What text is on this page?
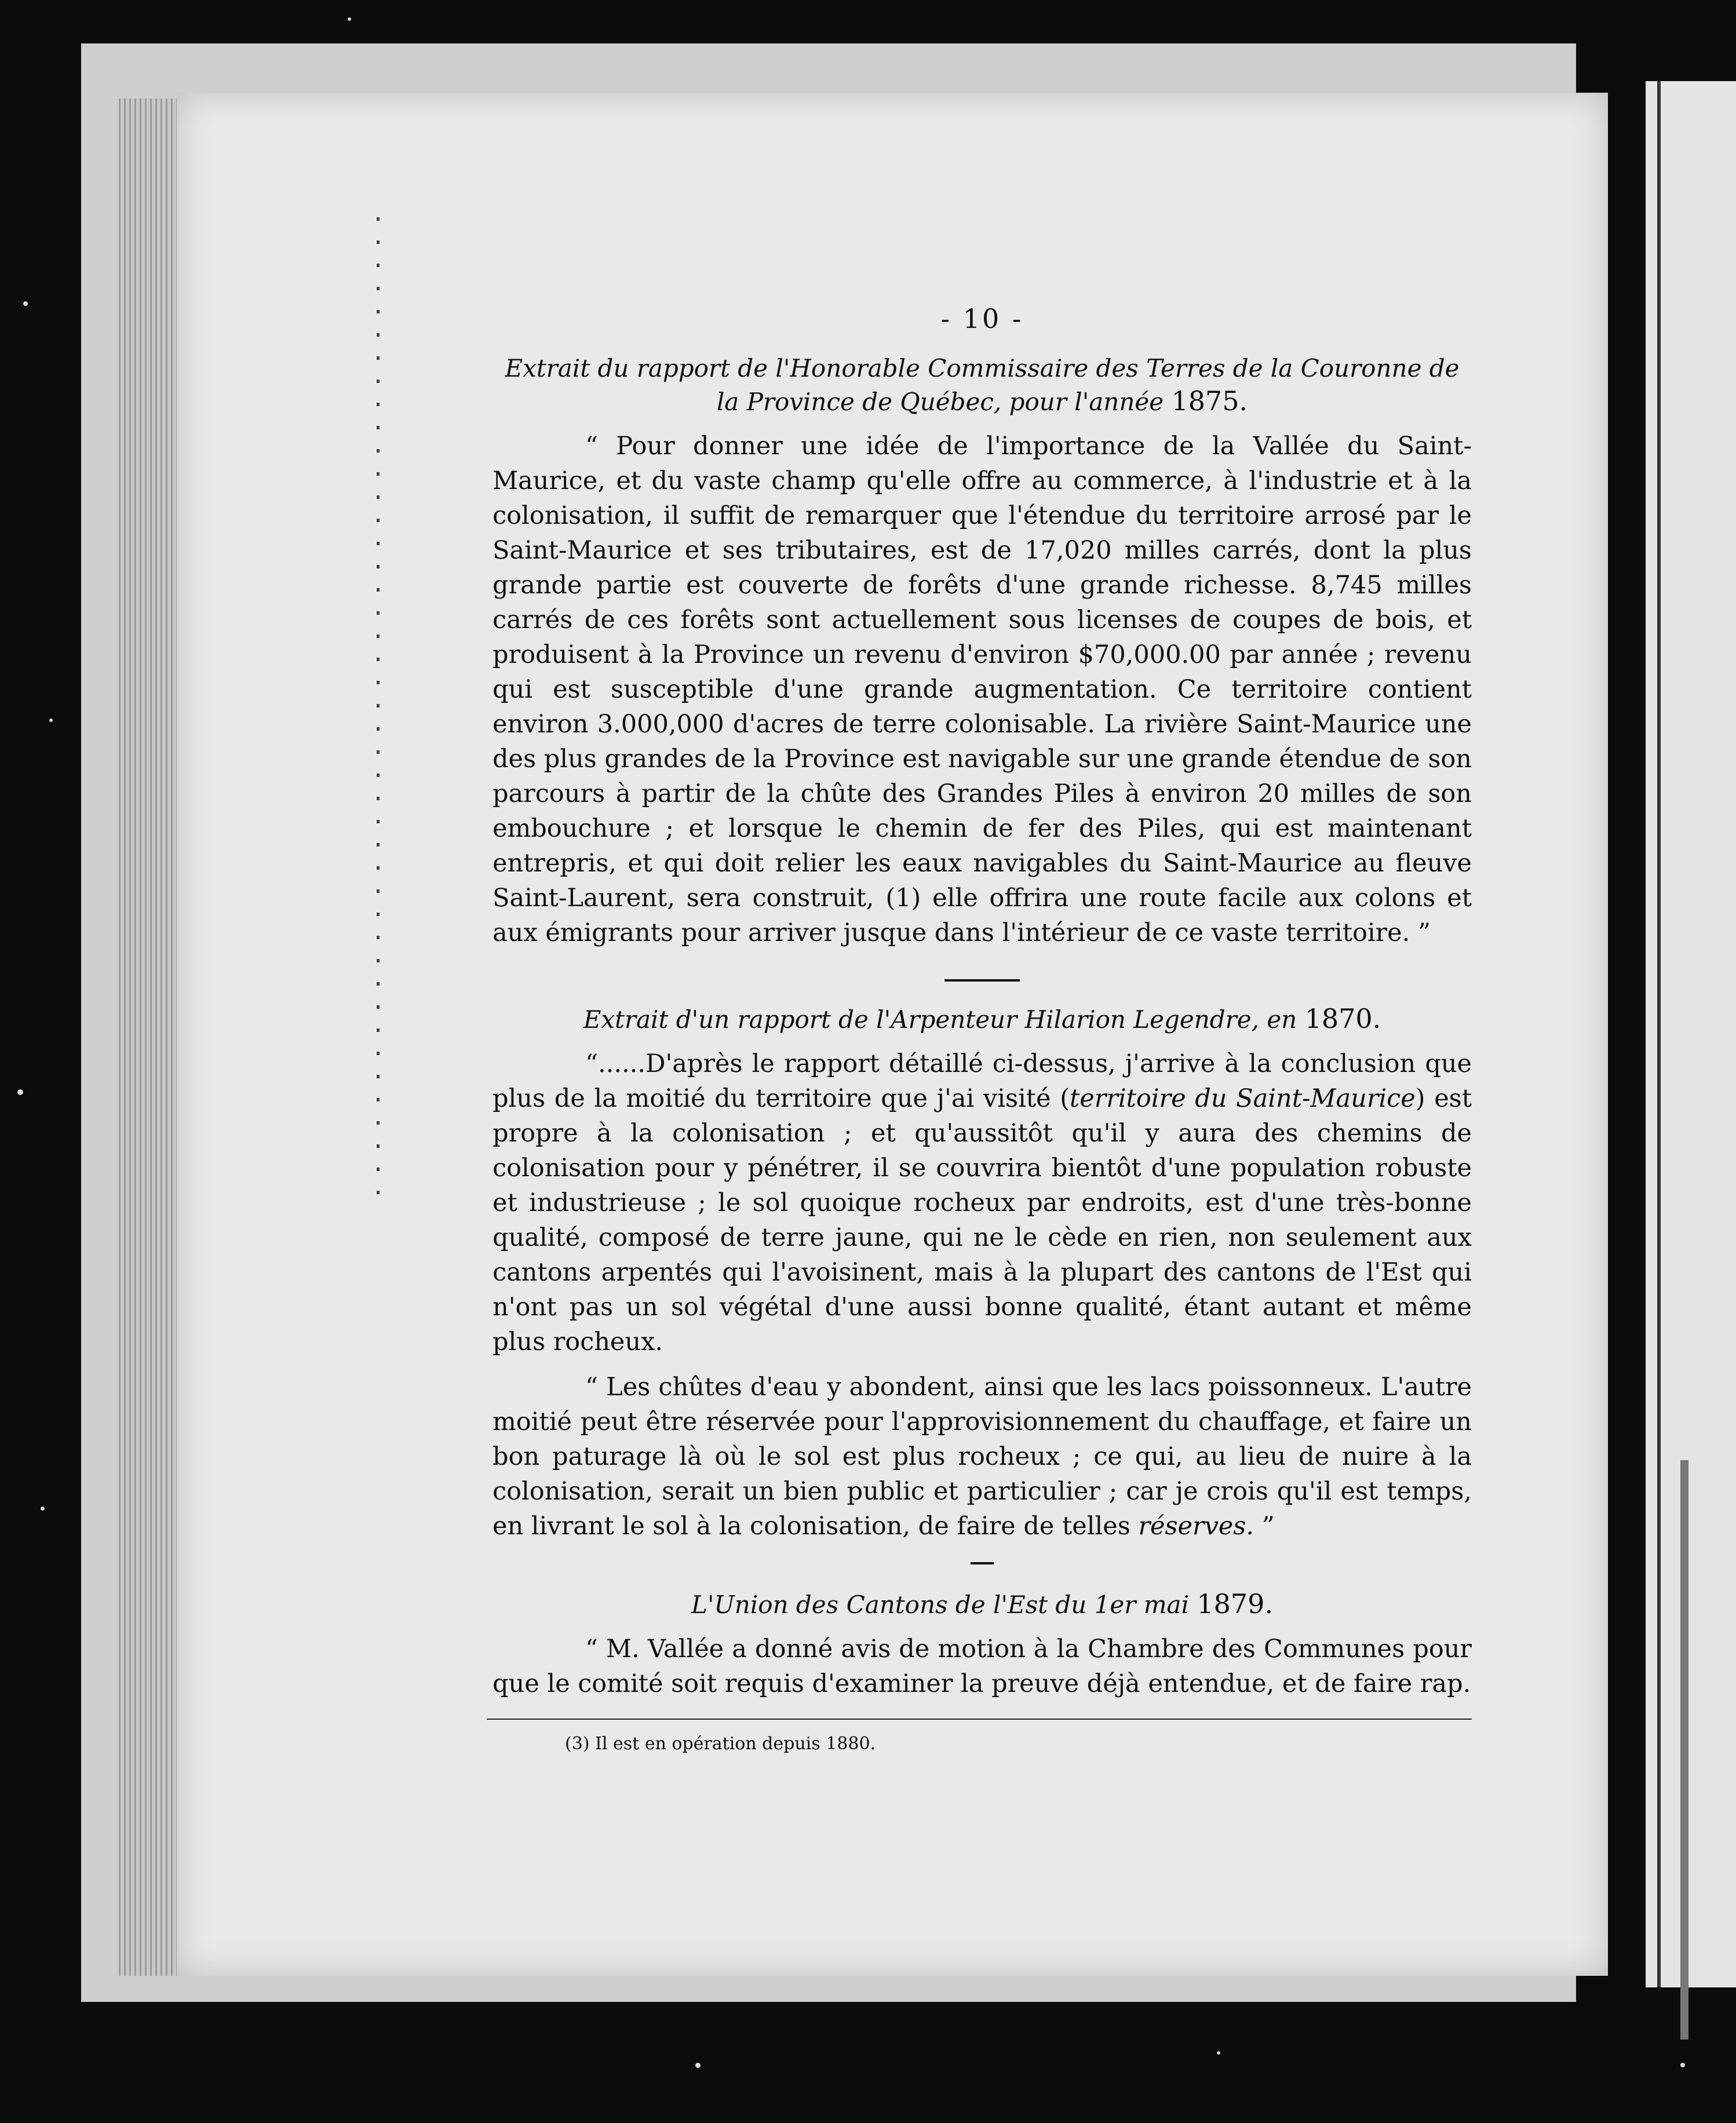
- 10 -
Extrait du rapport de l'Honorable Commissaire des Terres de la Couronne de la Province de Québec, pour l'année 1875.

“ Pour donner une idée de l'importance de la Vallée du Saint-Maurice, et du vaste champ qu'elle offre au commerce, à l'industrie et à la colonisation, il suffit de remarquer que l'étendue du territoire arrosé par le Saint-Maurice et ses tributaires, est de 17,020 milles carrés, dont la plus grande partie est couverte de forêts d'une grande richesse. 8,745 milles carrés de ces forêts sont actuellement sous licenses de coupes de bois, et produisent à la Province un revenu d'environ $70,000.00 par année ; revenu qui est susceptible d'une grande augmentation. Ce territoire contient environ 3.000,000 d'acres de terre colonisable. La rivière Saint-Maurice une des plus grandes de la Province est navigable sur une grande étendue de son parcours à partir de la chûte des Grandes Piles à environ 20 milles de son embouchure ; et lorsque le chemin de fer des Piles, qui est maintenant entrepris, et qui doit relier les eaux navigables du Saint-Maurice au fleuve Saint-Laurent, sera construit, (1) elle offrira une route facile aux colons et aux émigrants pour arriver jusque dans l'intérieur de ce vaste territoire. ”

Extrait d'un rapport de l'Arpenteur Hilarion Legendre, en 1870.

“......D'après le rapport détaillé ci-dessus, j'arrive à la conclusion que plus de la moitié du territoire que j'ai visité (territoire du Saint-Maurice) est propre à la colonisation ; et qu'aussitôt qu'il y aura des chemins de colonisation pour y pénétrer, il se couvrira bientôt d'une population robuste et industrieuse ; le sol quoique rocheux par endroits, est d'une très-bonne qualité, composé de terre jaune, qui ne le cède en rien, non seulement aux cantons arpentés qui l'avoisinent, mais à la plupart des cantons de l'Est qui n'ont pas un sol végétal d'une aussi bonne qualité, étant autant et même plus rocheux.

“ Les chûtes d'eau y abondent, ainsi que les lacs poissonneux. L'autre moitié peut être réservée pour l'approvisionnement du chauffage, et faire un bon paturage là où le sol est plus rocheux ; ce qui, au lieu de nuire à la colonisation, serait un bien public et particulier ; car je crois qu'il est temps, en livrant le sol à la colonisation, de faire de telles réserves. ”

L'Union des Cantons de l'Est du 1er mai 1879.

“ M. Vallée a donné avis de motion à la Chambre des Communes pour que le comité soit requis d'examiner la preuve déjà entendue, et de faire rap.

(3) Il est en opération depuis 1880.
